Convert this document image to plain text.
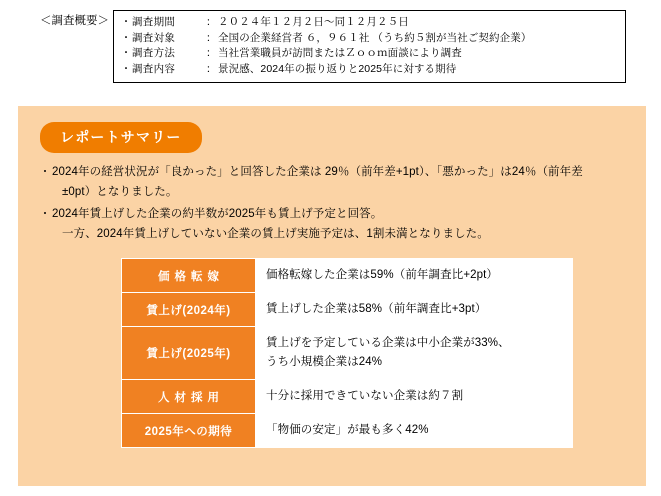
＜調査概要＞	・ 調査期間	： ２０２４年１２月２日～同１２月２５日
・ 調査対象	： 全国の企業経営者 ６，９６１社 （うち約５割が当社ご契約企業）
・ 調査方法	： 当社営業職員が訪問またはＺｏｏｍ面談により調査
・ 調査内容	： 景況感、2024年の振り返りと2025年に対する期待
レポートサマリー
・ 2024年の経営状況が「良かった」と回答した企業は 29％（前年差+1pt）、「悪かった」は24％（前年差
±0pt）となりました。
・ 2024年賃上げした企業の約半数が2025年も賃上げ予定と回答。
一方、2024年賃上げしていない企業の賃上げ実施予定は、1割未満となりました。
価格転嫁	価格転嫁した企業は59%（前年調査比+2pt）
賃上げ(2024年)	賃上げした企業は58%（前年調査比+3pt）
賃上げ(2025年)	賃上げを予定している企業は中小企業が33%、
うち小規模企業は24%

人材採用	十分に採用できていない企業は約７割
2025年への期待	「物価の安定」が最も多く42%
